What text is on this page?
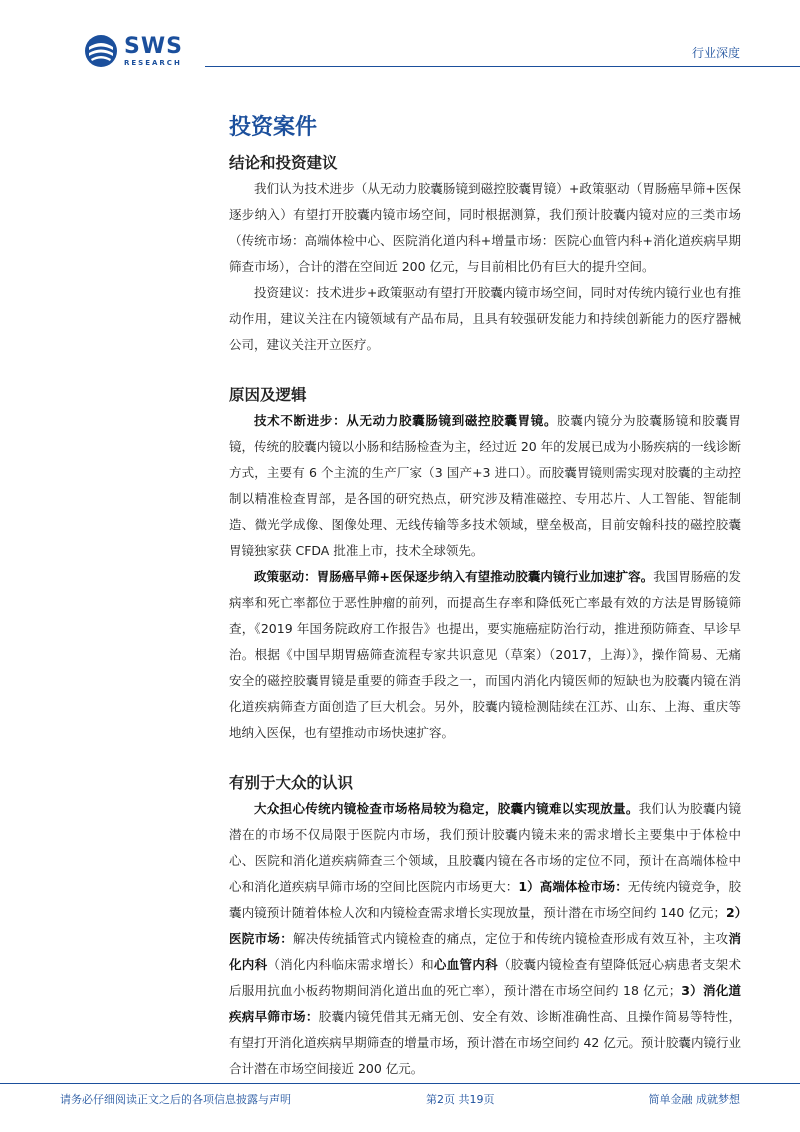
SWS
RESEARCH
行业深度
投资案件
结论和投资建议

我们认为技术进步（从无动力胶囊肠镜到磁控胶囊胃镜）+政策驱动（胃肠癌早筛+医保逐步纳入）有望打开胶囊内镜市场空间，同时根据测算，我们预计胶囊内镜对应的三类市场（传统市场：高端体检中心、医院消化道内科+增量市场：医院心血管内科+消化道疾病早期筛查市场），合计的潜在空间近 200 亿元，与目前相比仍有巨大的提升空间。

投资建议：技术进步+政策驱动有望打开胶囊内镜市场空间，同时对传统内镜行业也有推动作用，建议关注在内镜领域有产品布局，且具有较强研发能力和持续创新能力的医疗器械公司，建议关注开立医疗。

原因及逻辑

技术不断进步：从无动力胶囊肠镜到磁控胶囊胃镜。胶囊内镜分为胶囊肠镜和胶囊胃镜，传统的胶囊内镜以小肠和结肠检查为主，经过近 20 年的发展已成为小肠疾病的一线诊断方式，主要有 6 个主流的生产厂家（3 国产+3 进口）。而胶囊胃镜则需实现对胶囊的主动控制以精准检查胃部，是各国的研究热点，研究涉及精准磁控、专用芯片、人工智能、智能制造、微光学成像、图像处理、无线传输等多技术领域，壁垒极高，目前安翰科技的磁控胶囊胃镜独家获 CFDA 批准上市，技术全球领先。

政策驱动：胃肠癌早筛+医保逐步纳入有望推动胶囊内镜行业加速扩容。我国胃肠癌的发病率和死亡率都位于恶性肿瘤的前列，而提高生存率和降低死亡率最有效的方法是胃肠镜筛查，《2019 年国务院政府工作报告》也提出，要实施癌症防治行动，推进预防筛查、早诊早治。根据《中国早期胃癌筛查流程专家共识意见（草案）（2017，上海）》，操作简易、无痛安全的磁控胶囊胃镜是重要的筛查手段之一，而国内消化内镜医师的短缺也为胶囊内镜在消化道疾病筛查方面创造了巨大机会。另外，胶囊内镜检测陆续在江苏、山东、上海、重庆等地纳入医保，也有望推动市场快速扩容。

有别于大众的认识

大众担心传统内镜检查市场格局较为稳定，胶囊内镜难以实现放量。我们认为胶囊内镜潜在的市场不仅局限于医院内市场，我们预计胶囊内镜未来的需求增长主要集中于体检中心、医院和消化道疾病筛查三个领域，且胶囊内镜在各市场的定位不同，预计在高端体检中心和消化道疾病早筛市场的空间比医院内市场更大：1）高端体检市场：无传统内镜竞争，胶囊内镜预计随着体检人次和内镜检查需求增长实现放量，预计潜在市场空间约 140 亿元；2）医院市场：解决传统插管式内镜检查的痛点，定位于和传统内镜检查形成有效互补，主攻消化内科（消化内科临床需求增长）和心血管内科（胶囊内镜检查有望降低冠心病患者支架术后服用抗血小板药物期间消化道出血的死亡率），预计潜在市场空间约 18 亿元；3）消化道疾病早筛市场：胶囊内镜凭借其无痛无创、安全有效、诊断准确性高、且操作简易等特性，有望打开消化道疾病早期筛查的增量市场，预计潜在市场空间约 42 亿元。预计胶囊内镜行业合计潜在市场空间接近 200 亿元。

请务必仔细阅读正文之后的各项信息披露与声明	第2页 共19页	简单金融 成就梦想
